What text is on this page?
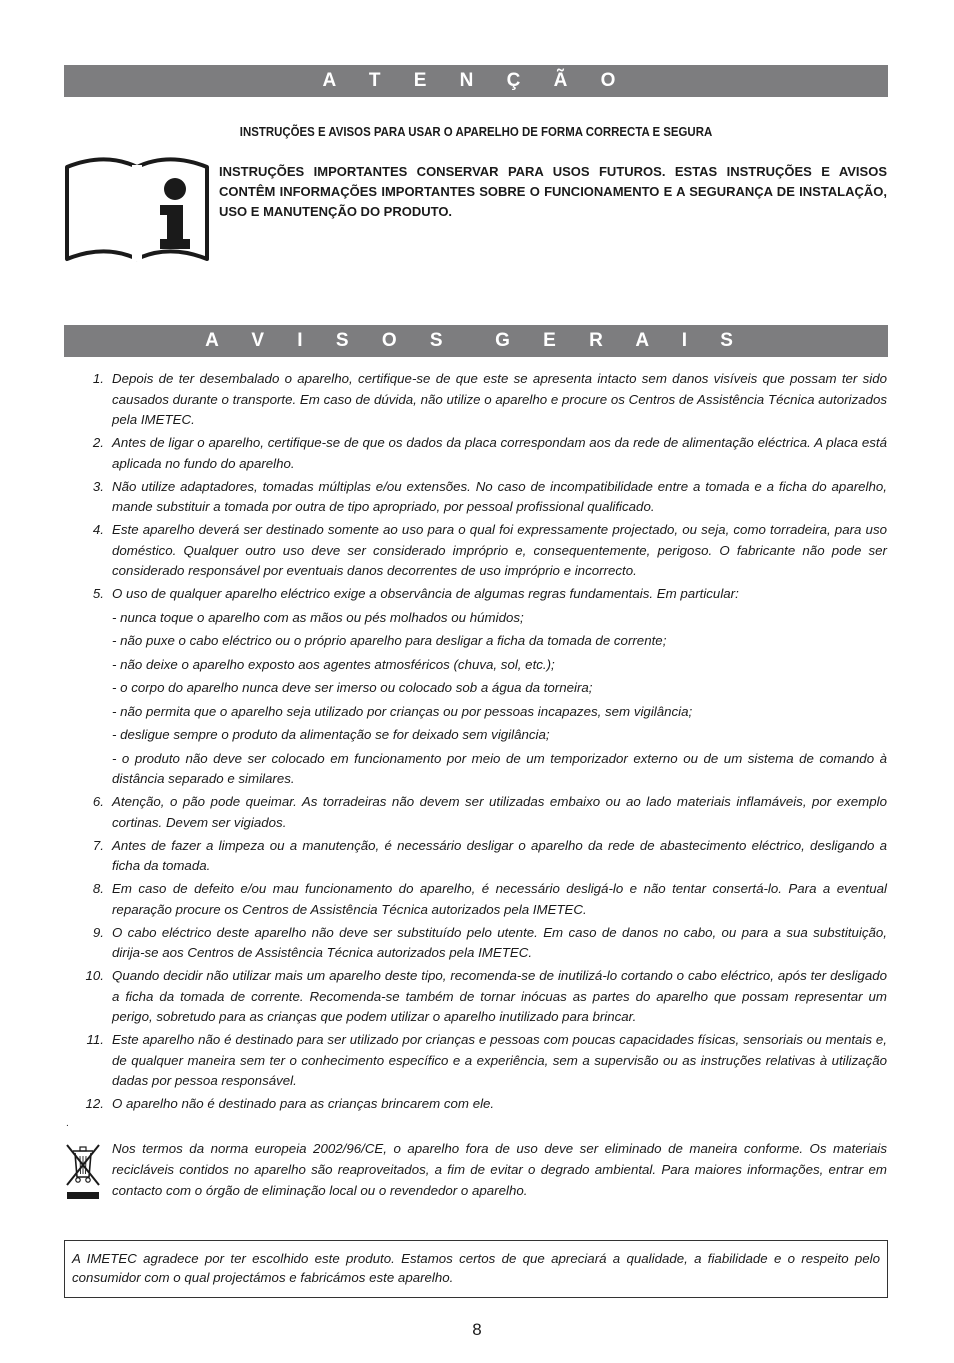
A T E N Ç Ã O
INSTRUÇÕES E AVISOS PARA USAR O APARELHO DE FORMA CORRECTA E SEGURA
INSTRUÇÕES IMPORTANTES CONSERVAR PARA USOS FUTUROS. ESTAS INSTRUÇÕES E AVISOS CONTÊM INFORMAÇÕES IMPORTANTES SOBRE O FUNCIONAMENTO E A SEGURANÇA DE INSTALAÇÃO, USO E MANUTENÇÃO DO PRODUTO.
A V I S O S  G E R A I S
1. Depois de ter desembalado o aparelho, certifique-se de que este se apresenta intacto sem danos visíveis que possam ter sido causados durante o transporte. Em caso de dúvida, não utilize o aparelho e procure os Centros de Assistência Técnica autorizados pela IMETEC.
2. Antes de ligar o aparelho, certifique-se de que os dados da placa correspondam aos da rede de alimentação eléctrica. A placa está aplicada no fundo do aparelho.
3. Não utilize adaptadores, tomadas múltiplas e/ou extensões. No caso de incompatibilidade entre a tomada e a ficha do aparelho, mande substituir a tomada por outra de tipo apropriado, por pessoal profissional qualificado.
4. Este aparelho deverá ser destinado somente ao uso para o qual foi expressamente projectado, ou seja, como torradeira, para uso doméstico. Qualquer outro uso deve ser considerado impróprio e, consequentemente, perigoso. O fabricante não pode ser considerado responsável por eventuais danos decorrentes de uso impróprio e incorrecto.
5. O uso de qualquer aparelho eléctrico exige a observância de algumas regras fundamentais. Em particular:
- nunca toque o aparelho com as mãos ou pés molhados ou húmidos;
- não puxe o cabo eléctrico ou o próprio aparelho para desligar a ficha da tomada de corrente;
- não deixe o aparelho exposto aos agentes atmosféricos (chuva, sol, etc.);
- o corpo do aparelho nunca deve ser imerso ou colocado sob a água da torneira;
- não permita que o aparelho seja utilizado por crianças ou por pessoas incapazes, sem vigilância;
- desligue sempre o produto da alimentação se for deixado sem vigilância;
- o produto não deve ser colocado em funcionamento por meio de um temporizador externo ou de um sistema de comando à distância separado e similares.
6. Atenção, o pão pode queimar. As torradeiras não devem ser utilizadas embaixo ou ao lado materiais inflamáveis, por exemplo cortinas. Devem ser vigiados.
7. Antes de fazer a limpeza ou a manutenção, é necessário desligar o aparelho da rede de abastecimento eléctrico, desligando a ficha da tomada.
8. Em caso de defeito e/ou mau funcionamento do aparelho, é necessário desligá-lo e não tentar consertá-lo. Para a eventual reparação procure os Centros de Assistência Técnica autorizados pela IMETEC.
9. O cabo eléctrico deste aparelho não deve ser substituído pelo utente. Em caso de danos no cabo, ou para a sua substituição, dirija-se aos Centros de Assistência Técnica autorizados pela IMETEC.
10. Quando decidir não utilizar mais um aparelho deste tipo, recomenda-se de inutilizá-lo cortando o cabo eléctrico, após ter desligado a ficha da tomada de corrente. Recomenda-se também de tornar inócuas as partes do aparelho que possam representar um perigo, sobretudo para as crianças que podem utilizar o aparelho inutilizado para brincar.
11. Este aparelho não é destinado para ser utilizado por crianças e pessoas com poucas capacidades físicas, sensoriais ou mentais e, de qualquer maneira sem ter o conhecimento específico e a experiência, sem a supervisão ou as instruções relativas à utilização dadas por pessoa responsável.
12. O aparelho não é destinado para as crianças brincarem com ele.
.
Nos termos da norma europeia 2002/96/CE, o aparelho fora de uso deve ser eliminado de maneira conforme. Os materiais recicláveis contidos no aparelho são reaproveitados, a fim de evitar o degrado ambiental. Para maiores informações, entrar em contacto com o órgão de eliminação local ou o revendedor o aparelho.
A IMETEC agradece por ter escolhido este produto. Estamos certos de que apreciará a qualidade, a fiabilidade e o respeito pelo consumidor com o qual projectámos e fabricámos este aparelho.
8
